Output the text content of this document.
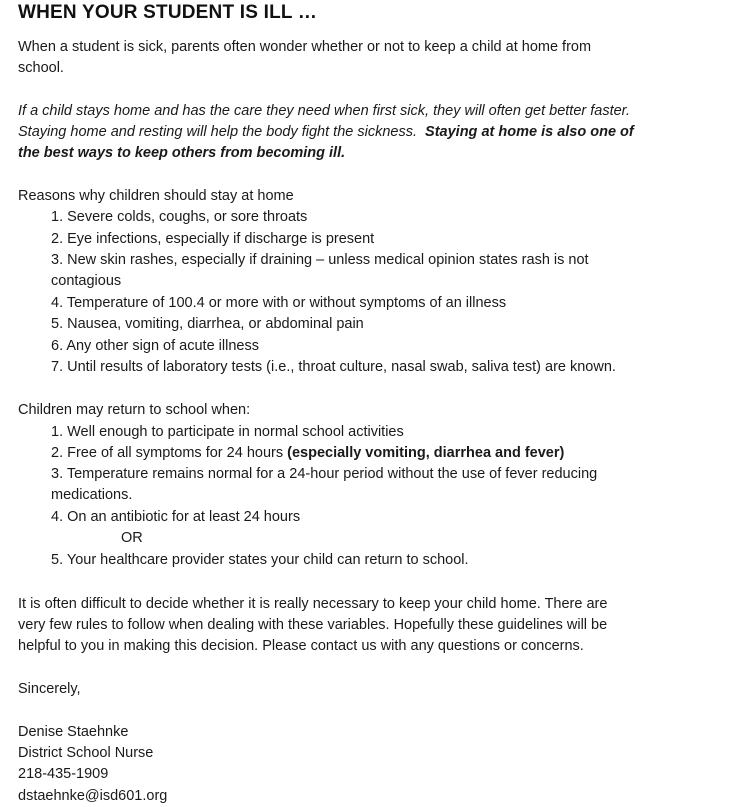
WHEN YOUR STUDENT IS ILL …
When a student is sick, parents often wonder whether or not to keep a child at home from
school.
If a child stays home and has the care they need when first sick, they will often get better faster.
Staying home and resting will help the body fight the sickness. Staying at home is also one of
the best ways to keep others from becoming ill.
Reasons why children should stay at home
1. Severe colds, coughs, or sore throats
2. Eye infections, especially if discharge is present
3. New skin rashes, especially if draining – unless medical opinion states rash is not
contagious
4. Temperature of 100.4 or more with or without symptoms of an illness
5. Nausea, vomiting, diarrhea, or abdominal pain
6. Any other sign of acute illness
7. Until results of laboratory tests (i.e., throat culture, nasal swab, saliva test) are known.
Children may return to school when:
1. Well enough to participate in normal school activities
2. Free of all symptoms for 24 hours (especially vomiting, diarrhea and fever)
3. Temperature remains normal for a 24-hour period without the use of fever reducing
medications.
4. On an antibiotic for at least 24 hours
OR
5. Your healthcare provider states your child can return to school.
It is often difficult to decide whether it is really necessary to keep your child home. There are
very few rules to follow when dealing with these variables. Hopefully these guidelines will be
helpful to you in making this decision. Please contact us with any questions or concerns.
Sincerely,
Denise Staehnke
District School Nurse
218-435-1909
dstaehnke@isd601.org
